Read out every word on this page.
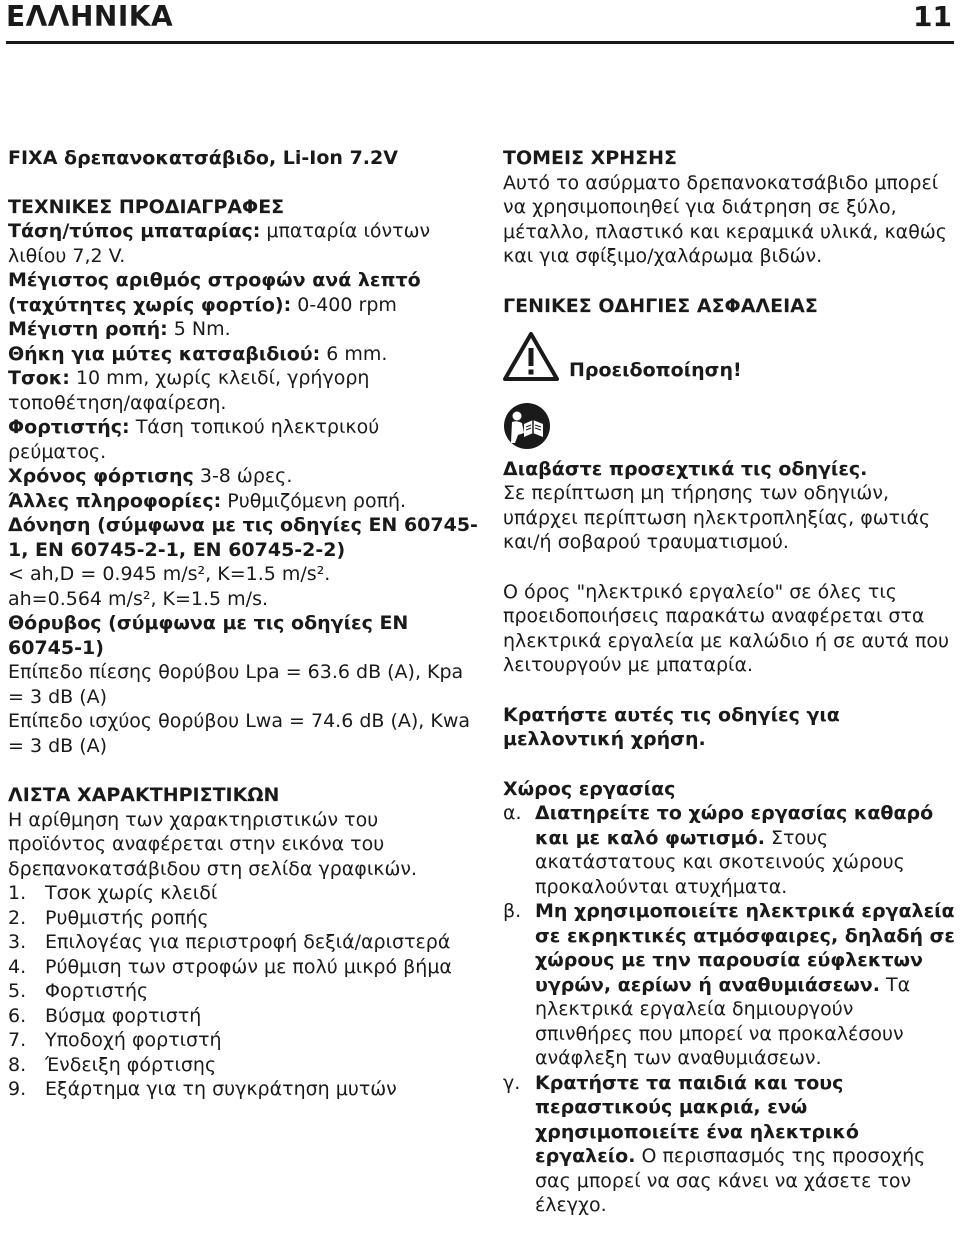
ΕΛΛΗΝΙΚΑ	11

FIXA δρεπανοκατσάβιδο, Li-Ion 7.2V

ΤΕΧΝΙΚΕΣ ΠΡΟΔΙΑΓΡΑΦΕΣ

Τάση/τύπος μπαταρίας: μπαταρία ιόντων λιθίου 7,2 V.

Μέγιστος αριθμός στροφών ανά λεπτό (ταχύτητες χωρίς φορτίο): 0-400 rpm

Μέγιστη ροπή: 5 Nm.

Θήκη για μύτες κατσαβιδιού: 6 mm.

Τσοκ: 10 mm, χωρίς κλειδί, γρήγορη τοποθέτηση/αφαίρεση.

Φορτιστής: Τάση τοπικού ηλεκτρικού ρεύματος.

Χρόνος φόρτισης 3-8 ώρες.

Άλλες πληροφορίες: Ρυθμιζόμενη ροπή.

Δόνηση (σύμφωνα με τις οδηγίες EN 60745-1, EN 60745-2-1, EN 60745-2-2)

< ah,D = 0.945 m/s², K=1.5 m/s².

ah=0.564 m/s², K=1.5 m/s.

Θόρυβος (σύμφωνα με τις οδηγίες EN 60745-1)

Επίπεδο πίεσης θορύβου Lpa = 63.6 dB (A), Kpa = 3 dB (A)

Επίπεδο ισχύος θορύβου Lwa = 74.6 dB (A), Kwa = 3 dB (A)

ΛΙΣΤΑ ΧΑΡΑΚΤΗΡΙΣΤΙΚΩΝ

Η αρίθμηση των χαρακτηριστικών του προϊόντος αναφέρεται στην εικόνα του δρεπανοκατσάβιδου στη σελίδα γραφικών.

1. Τσοκ χωρίς κλειδί
2. Ρυθμιστής ροπής
3. Επιλογέας για περιστροφή δεξιά/αριστερά
4. Ρύθμιση των στροφών με πολύ μικρό βήμα
5. Φορτιστής
6. Βύσμα φορτιστή
7. Υποδοχή φορτιστή
8. Ένδειξη φόρτισης
9. Εξάρτημα για τη συγκράτηση μυτών

ΤΟΜΕΙΣ ΧΡΗΣΗΣ

Αυτό το ασύρματο δρεπανοκατσάβιδο μπορεί να χρησιμοποιηθεί για διάτρηση σε ξύλο, μέταλλο, πλαστικό και κεραμικά υλικά, καθώς και για σφίξιμο/χαλάρωμα βιδών.

ΓΕΝΙΚΕΣ ΟΔΗΓΙΕΣ ΑΣΦΑΛΕΙΑΣ

Προειδοποίηση!

Διαβάστε προσεχτικά τις οδηγίες.

Σε περίπτωση μη τήρησης των οδηγιών, υπάρχει περίπτωση ηλεκτροπληξίας, φωτιάς και/ή σοβαρού τραυματισμού.

Ο όρος "ηλεκτρικό εργαλείο" σε όλες τις προειδοποιήσεις παρακάτω αναφέρεται στα ηλεκτρικά εργαλεία με καλώδιο ή σε αυτά που λειτουργούν με μπαταρία.

Κρατήστε αυτές τις οδηγίες για μελλοντική χρήση.

Χώρος εργασίας

α. Διατηρείτε το χώρο εργασίας καθαρό και με καλό φωτισμό. Στους ακατάστατους και σκοτεινούς χώρους προκαλούνται ατυχήματα.
β. Μη χρησιμοποιείτε ηλεκτρικά εργαλεία σε εκρηκτικές ατμόσφαιρες, δηλαδή σε χώρους με την παρουσία εύφλεκτων υγρών, αερίων ή αναθυμιάσεων. Τα ηλεκτρικά εργαλεία δημιουργούν σπινθήρες που μπορεί να προκαλέσουν ανάφλεξη των αναθυμιάσεων.
γ. Κρατήστε τα παιδιά και τους περαστικούς μακριά, ενώ χρησιμοποιείτε ένα ηλεκτρικό εργαλείο. Ο περισπασμός της προσοχής σας μπορεί να σας κάνει να χάσετε τον έλεγχο.
